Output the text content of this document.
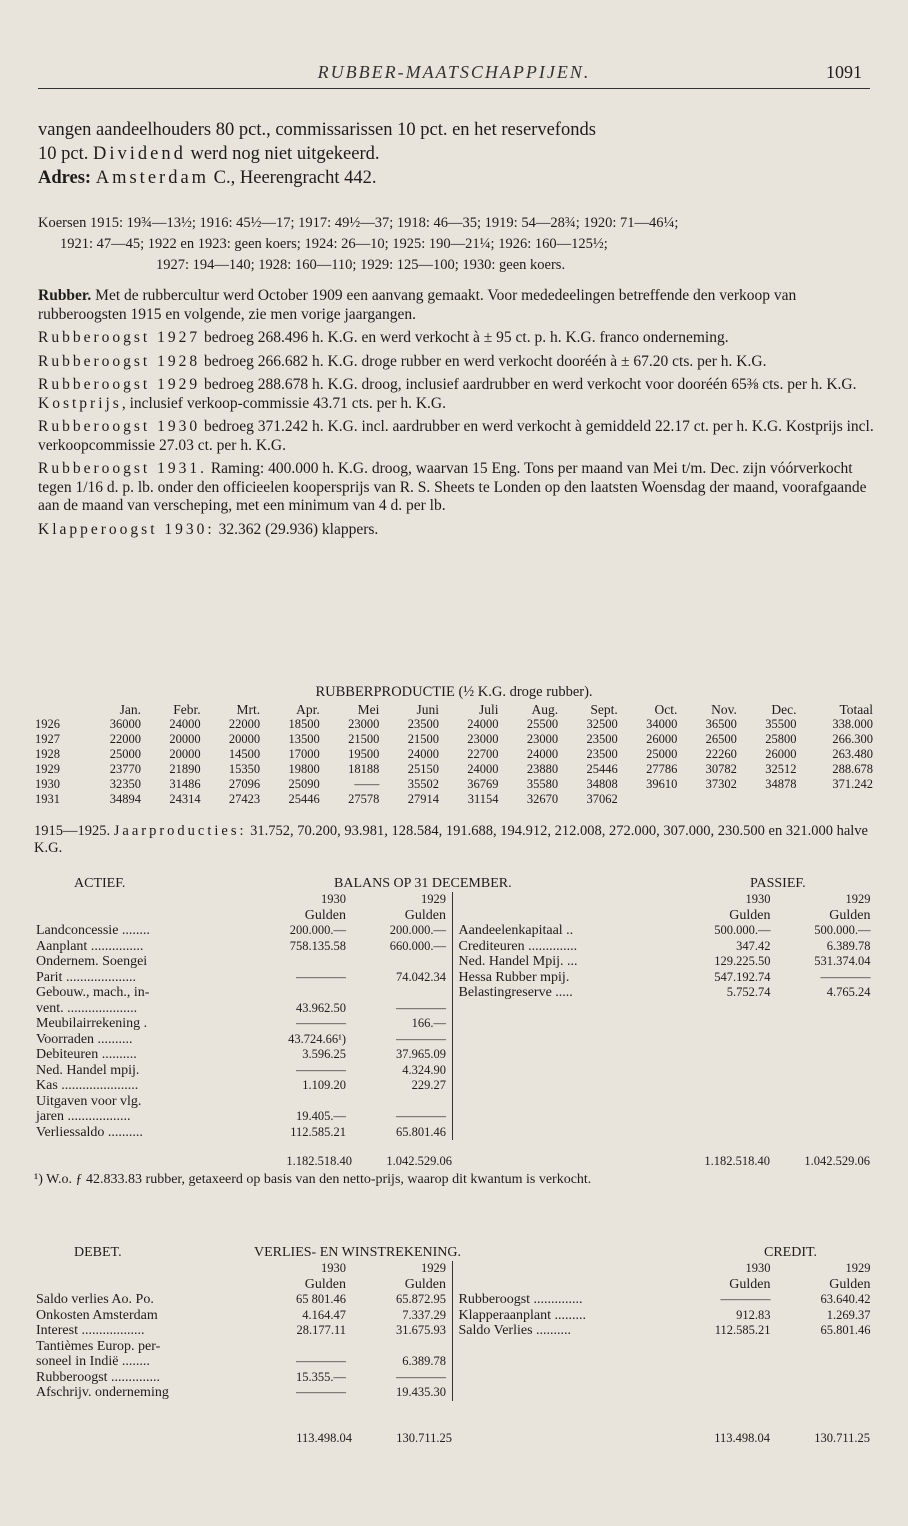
RUBBER-MAATSCHAPPIJEN.	1091
vangen aandeelhouders 80 pct., commissarissen 10 pct. en het reservefonds
10 pct. Dividend werd nog niet uitgekeerd.
Adres: Amsterdam C., Heerengracht 442.
Koersen 1915: 19¾—13½; 1916: 45½—17; 1917: 49½—37; 1918: 46—35; 1919: 54—28¾; 1920: 71—46¼;
1921: 47—45; 1922 en 1923: geen koers; 1924: 26—10; 1925: 190—21¼; 1926: 160—125½;
1927: 194—140; 1928: 160—110; 1929: 125—100; 1930: geen koers.
Rubber. Met de rubbercultur werd October 1909 een aanvang gemaakt. Voor mededeelingen betreffende den verkoop van rubberoogsten 1915 en volgende, zie men vorige jaargangen.
Rubberoogst 1927 bedroeg 268.496 h. K.G. en werd verkocht à ± 95 ct. p. h. K.G. franco onderneming.
Rubberoogst 1928 bedroeg 266.682 h. K.G. droge rubber en werd verkocht dooréén à ± 67.20 cts. per h. K.G.
Rubberoogst 1929 bedroeg 288.678 h. K.G. droog, inclusief aardrubber en werd verkocht voor dooréén 65⅜ cts. per h. K.G. Kostprijs, inclusief verkoop-commissie 43.71 cts. per h. K.G.
Rubberoogst 1930 bedroeg 371.242 h. K.G. incl. aardrubber en werd verkocht à gemiddeld 22.17 ct. per h. K.G. Kostprijs incl. verkoopcommissie 27.03 ct. per h. K.G.
Rubberoogst 1931. Raming: 400.000 h. K.G. droog, waarvan 15 Eng. Tons per maand van Mei t/m. Dec. zijn vóórverkocht tegen 1/16 d. p. lb. onder den officieelen koopersprijs van R. S. Sheets te Londen op den laatsten Woensdag der maand, voorafgaande aan de maand van verscheping, met een minimum van 4 d. per lb.
Klapperoogst 1930: 32.362 (29.936) klappers.
RUBBERPRODUCTIE (½ K.G. droge rubber).
	Jan.	Febr.	Mrt.	Apr.	Mei	Juni	Juli	Aug.	Sept.	Oct.	Nov.	Dec.	Totaal
1926	36000	24000	22000	18500	23000	23500	24000	25500	32500	34000	36500	35500	338.000
1927	22000	20000	20000	13500	21500	21500	23000	23000	23500	26000	26500	25800	266.300
1928	25000	20000	14500	17000	19500	24000	22700	24000	23500	25000	22260	26000	263.480
1929	23770	21890	15350	19800	18188	25150	24000	23880	25446	27786	30782	32512	288.678
1930	32350	31486	27096	25090	——	35502	36769	35580	34808	39610	37302	34878	371.242
1931	34894	24314	27423	25446	27578	27914	31154	32670	37062				
1915—1925. Jaarproducties: 31.752, 70.200, 93.981, 128.584, 191.688, 194.912, 212.008, 272.000, 307.000, 230.500 en 321.000 halve K.G.
ACTIEF.	BALANS OP 31 DECEMBER.	PASSIEF.
	1930	1929
	Gulden	Gulden
Landconcessie ........	200.000.—	200.000.—
Aanplant ...............	758.135.58	660.000.—
Ondernem. Soengei		
Parit ....................	————	74.042.34
Gebouw., mach., in-		
vent. ....................	43.962.50	————
Meubilairrekening .	————	166.—
Voorraden ..........	43.724.66¹)	————
Debiteuren ..........	3.596.25	37.965.09
Ned. Handel mpij.	————	4.324.90
Kas ......................	1.109.20	229.27
Uitgaven voor vlg.		
jaren ..................	19.405.—	————
Verliessaldo ..........	112.585.21	65.801.46
	1930	1929
	Gulden	Gulden
Aandeelenkapitaal ..	500.000.—	500.000.—
Crediteuren ..............	347.42	6.389.78
Ned. Handel Mpij. ...	129.225.50	531.374.04
Hessa Rubber mpij.	547.192.74	————
Belastingreserve .....	5.752.74	4.765.24
1.182.518.40	1.042.529.06	1.182.518.40	1.042.529.06
¹) W.o. ƒ 42.833.83 rubber, getaxeerd op basis van den netto-prijs, waarop dit kwantum is verkocht.
DEBET.	VERLIES- EN WINSTREKENING.	CREDIT.
	1930	1929
	Gulden	Gulden
Saldo verlies Ao. Po.	65 801.46	65.872.95
Onkosten Amsterdam	4.164.47	7.337.29
Interest ..................	28.177.11	31.675.93
Tantièmes Europ. per-		
soneel in Indië ........	————	6.389.78
Rubberoogst ..............	15.355.—	————
Afschrijv. onderneming	————	19.435.30
	1930	1929
	Gulden	Gulden
Rubberoogst ..............	————	63.640.42
Klapperaanplant .........	912.83	1.269.37
Saldo Verlies ..........	112.585.21	65.801.46
113.498.04	130.711.25	113.498.04	130.711.25
